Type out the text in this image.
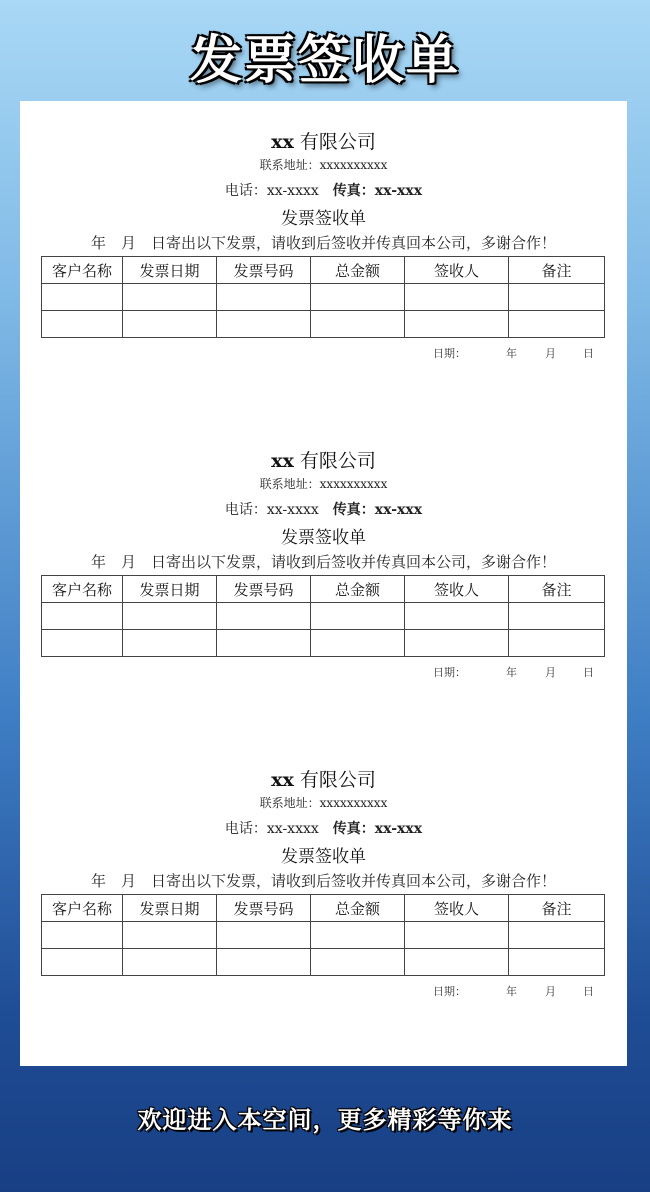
发票签收单
xx 有限公司
联系地址：xxxxxxxxxx
电话：xx-xxxx 传真：xx-xxx
发票签收单
年　月　日寄出以下发票，请收到后签收并传真回本公司，多谢合作！
客户名称	发票日期	发票号码	总金额	签收人	备注

日期：	年	月 日
xx 有限公司
联系地址：xxxxxxxxxx
电话：xx-xxxx 传真：xx-xxx
发票签收单
年　月　日寄出以下发票，请收到后签收并传真回本公司，多谢合作！
客户名称	发票日期	发票号码	总金额	签收人	备注

日期：	年	月 日
xx 有限公司
联系地址：xxxxxxxxxx
电话：xx-xxxx 传真：xx-xxx
发票签收单
年　月　日寄出以下发票，请收到后签收并传真回本公司，多谢合作！
客户名称	发票日期	发票号码	总金额	签收人	备注

日期：	年	月 日
欢迎进入本空间，更多精彩等你来
